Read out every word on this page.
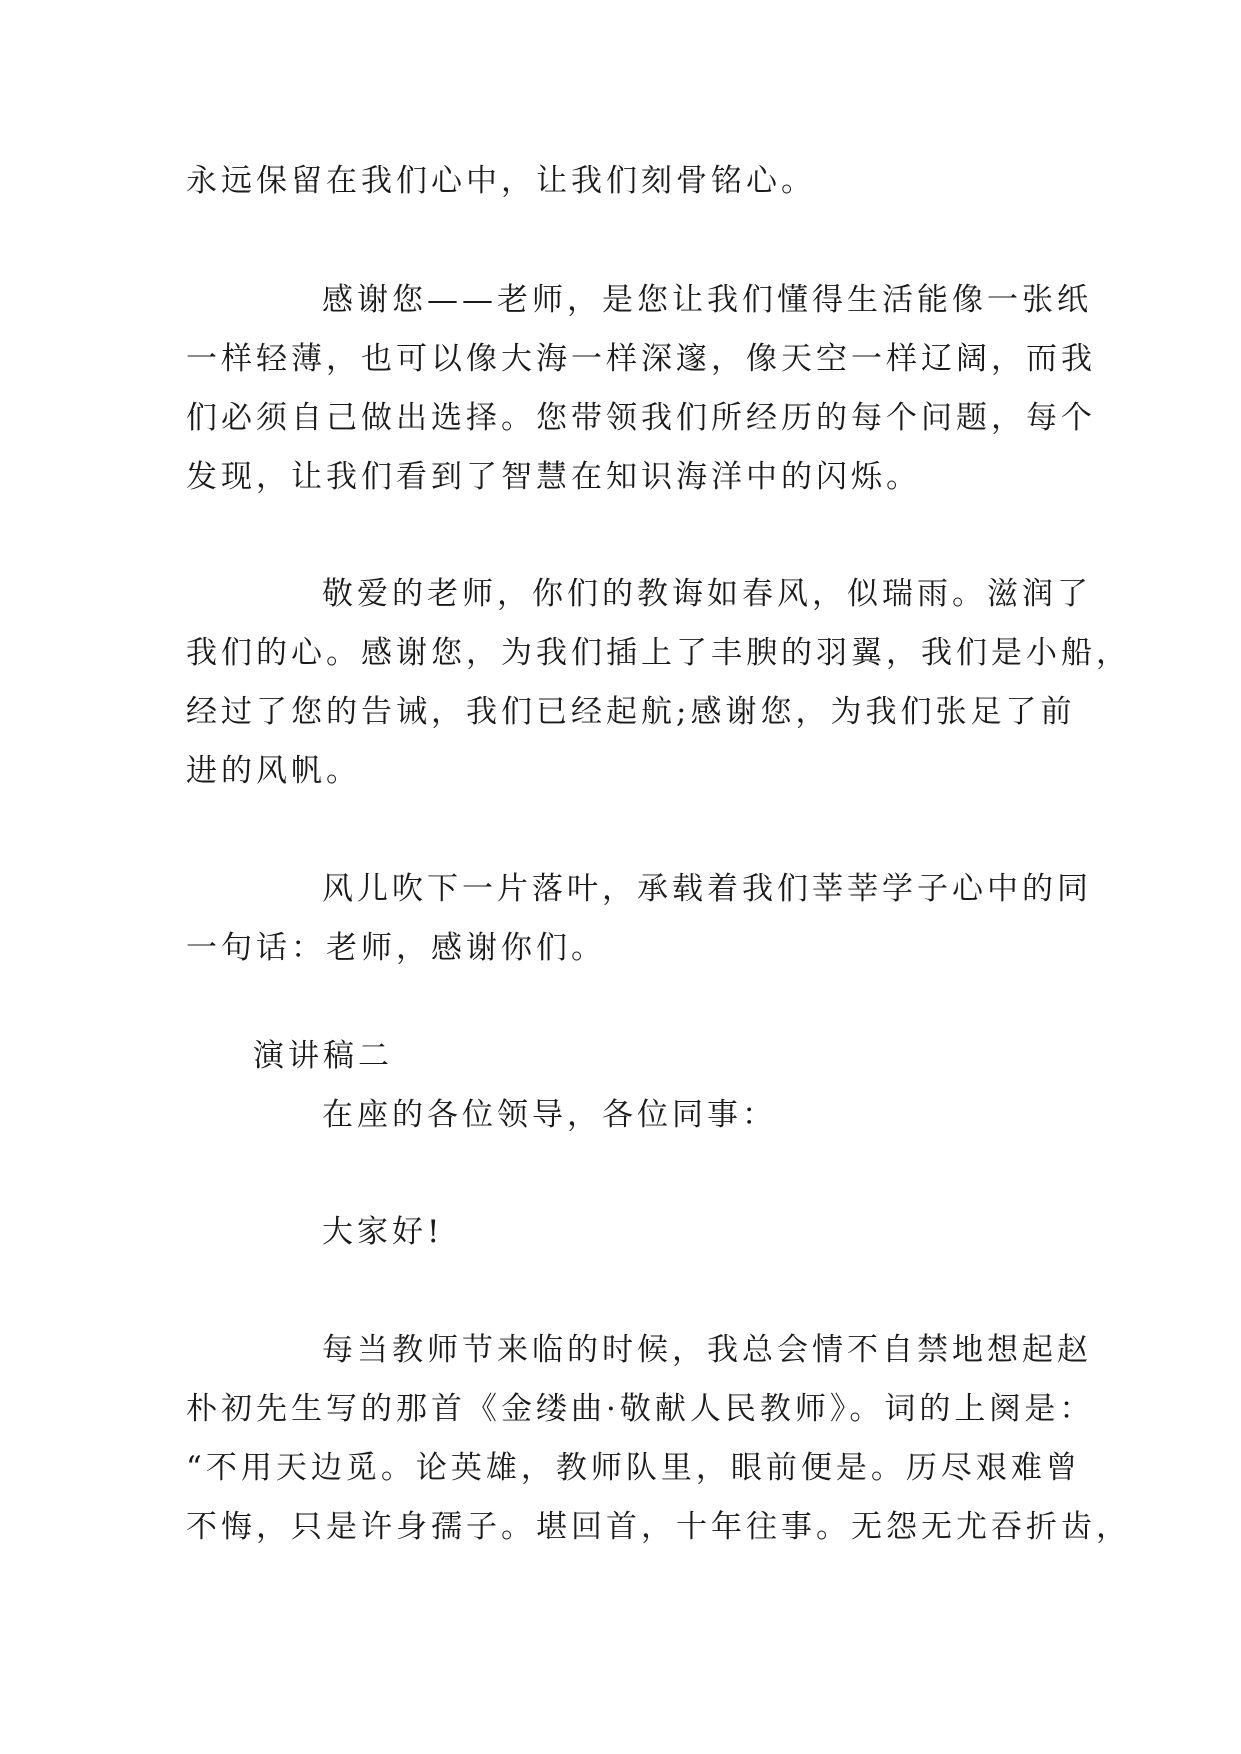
永远保留在我们心中，让我们刻骨铭心。
感谢您——老师，是您让我们懂得生活能像一张纸
一样轻薄，也可以像大海一样深邃，像天空一样辽阔，而我
们必须自己做出选择。您带领我们所经历的每个问题，每个
发现，让我们看到了智慧在知识海洋中的闪烁。
敬爱的老师，你们的教诲如春风，似瑞雨。滋润了
我们的心。感谢您，为我们插上了丰腴的羽翼，我们是小船，
经过了您的告诫，我们已经起航;感谢您，为我们张足了前
进的风帆。
风儿吹下一片落叶，承载着我们莘莘学子心中的同
一句话：老师，感谢你们。
演讲稿二
在座的各位领导，各位同事：
大家好!
每当教师节来临的时候，我总会情不自禁地想起赵
朴初先生写的那首《金缕曲·敬献人民教师》。词的上阕是：
“不用天边觅。论英雄，教师队里，眼前便是。历尽艰难曾
不悔，只是许身孺子。堪回首，十年往事。无怨无尤吞折齿，
